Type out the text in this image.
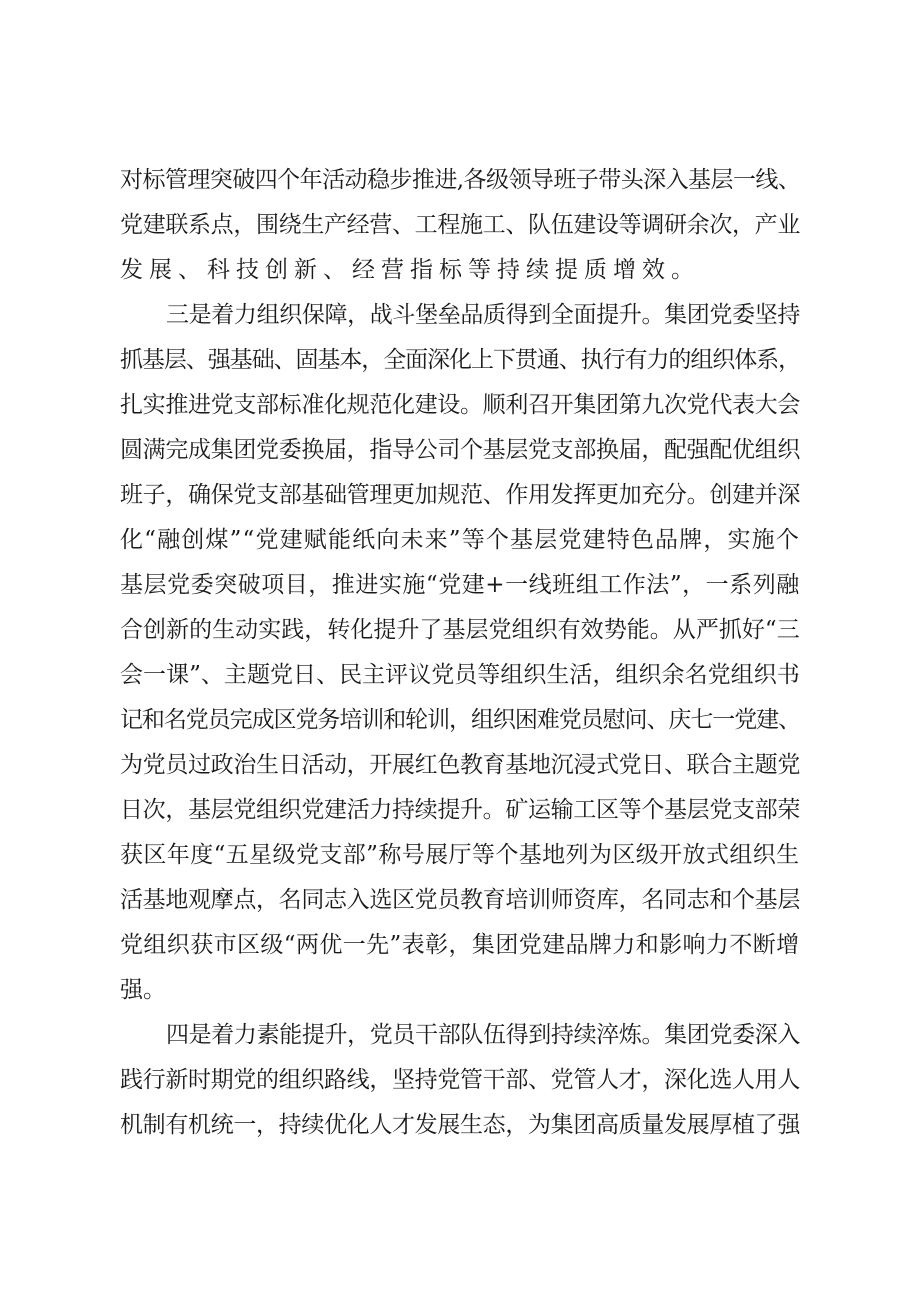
对标管理突破四个年活动稳步推进,各级领导班子带头深入基层一线、
党建联系点，围绕生产经营、工程施工、队伍建设等调研余次，产业
发展、科技创新、经营指标等持续提质增效。
三是着力组织保障，战斗堡垒品质得到全面提升。集团党委坚持
抓基层、强基础、固基本，全面深化上下贯通、执行有力的组织体系，
扎实推进党支部标准化规范化建设。顺利召开集团第九次党代表大会
圆满完成集团党委换届，指导公司个基层党支部换届，配强配优组织
班子，确保党支部基础管理更加规范、作用发挥更加充分。创建并深
化“融创煤”“党建赋能纸向未来”等个基层党建特色品牌，实施个
基层党委突破项目，推进实施“党建+一线班组工作法”，一系列融
合创新的生动实践，转化提升了基层党组织有效势能。从严抓好“三
会一课”、主题党日、民主评议党员等组织生活，组织余名党组织书
记和名党员完成区党务培训和轮训，组织困难党员慰问、庆七一党建、
为党员过政治生日活动，开展红色教育基地沉浸式党日、联合主题党
日次，基层党组织党建活力持续提升。矿运输工区等个基层党支部荣
获区年度“五星级党支部”称号展厅等个基地列为区级开放式组织生
活基地观摩点，名同志入选区党员教育培训师资库，名同志和个基层
党组织获市区级“两优一先”表彰，集团党建品牌力和影响力不断增
强。
四是着力素能提升，党员干部队伍得到持续淬炼。集团党委深入
践行新时期党的组织路线，坚持党管干部、党管人才，深化选人用人
机制有机统一，持续优化人才发展生态，为集团高质量发展厚植了强
